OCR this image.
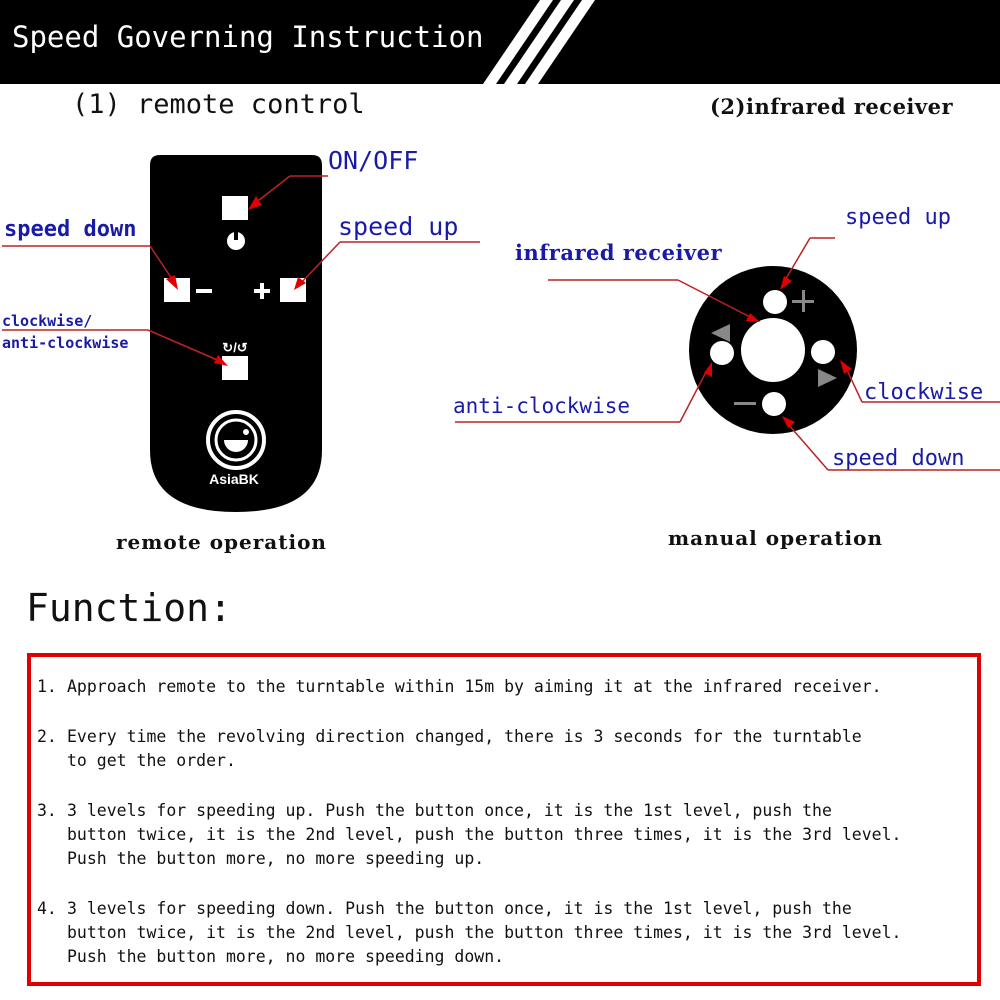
Speed Governing Instruction
(1) remote control	(2)infrared receiver
↻/↺
AsiaBK
ON/OFF
speed down	speed up
clockwise/
anti-clockwise
speed up
infrared receiver
anti-clockwise
clockwise
speed down
remote operation	manual operation
Function:
1. Approach remote to the turntable within 15m by aiming it at the infrared receiver.
2. Every time the revolving direction changed, there is 3 seconds for the turntable
to get the order.
3. 3 levels for speeding up. Push the button once, it is the 1st level, push the
button twice, it is the 2nd level, push the button three times, it is the 3rd level.
Push the button more, no more speeding up.
4. 3 levels for speeding down. Push the button once, it is the 1st level, push the
button twice, it is the 2nd level, push the button three times, it is the 3rd level.
Push the button more, no more speeding down.
